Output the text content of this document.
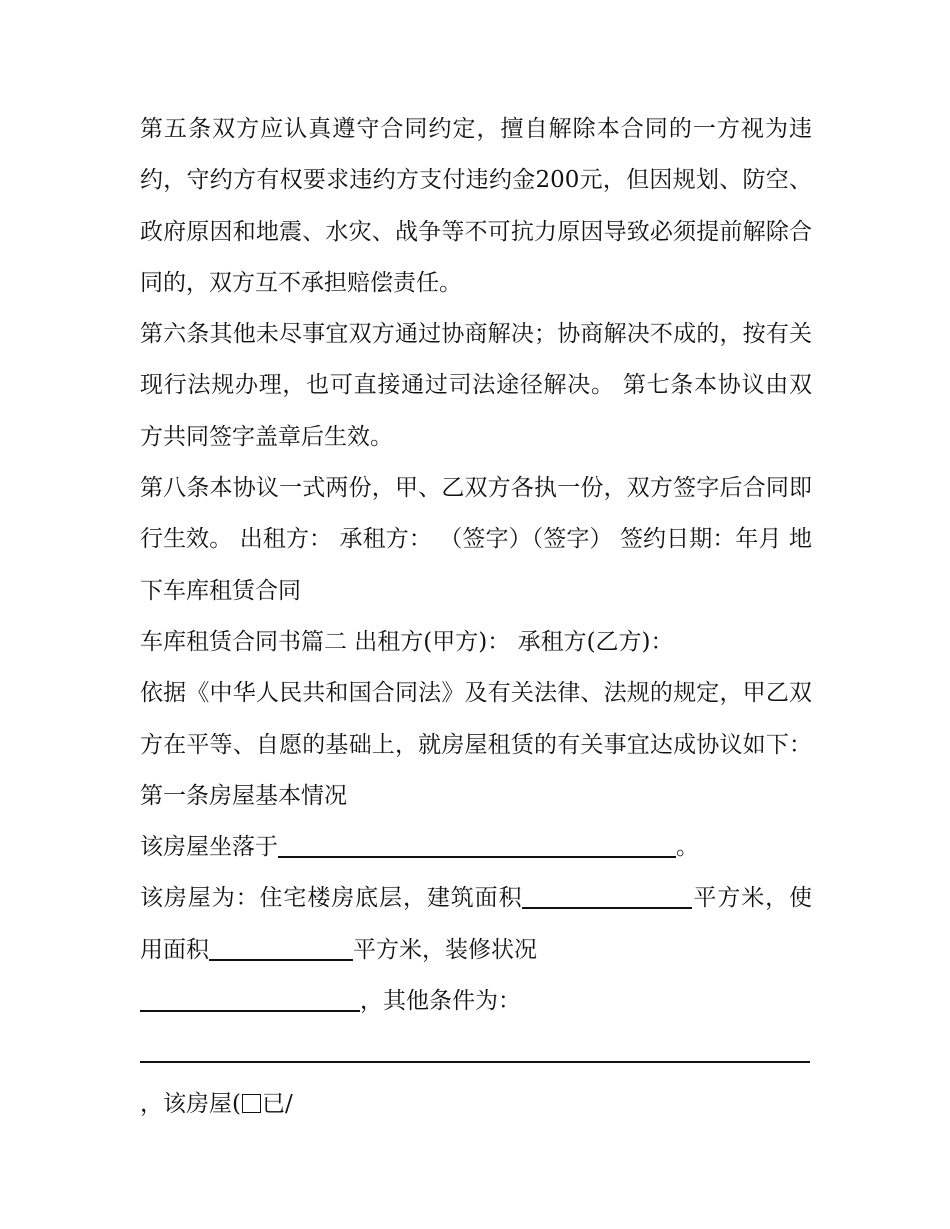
第五条双方应认真遵守合同约定，擅自解除本合同的一方视为违约，守约方有权要求违约方支付违约金200元，但因规划、防空、政府原因和地震、水灾、战争等不可抗力原因导致必须提前解除合同的，双方互不承担赔偿责任。

第六条其他未尽事宜双方通过协商解决；协商解决不成的，按有关现行法规办理，也可直接通过司法途径解决。 第七条本协议由双方共同签字盖章后生效。

第八条本协议一式两份，甲、乙双方各执一份，双方签字后合同即行生效。 出租方： 承租方： （签字）（签字） 签约日期：年月 地下车库租赁合同

车库租赁合同书篇二 出租方(甲方)： 承租方(乙方)：

依据《中华人民共和国合同法》及有关法律、法规的规定，甲乙双方在平等、自愿的基础上，就房屋租赁的有关事宜达成协议如下： 第一条房屋基本情况

该房屋坐落于	。

该房屋为：住宅楼房底层，建筑面积	平方米，使用面积	平方米，装修状况
，其他条件为：

，该房屋( 已/
